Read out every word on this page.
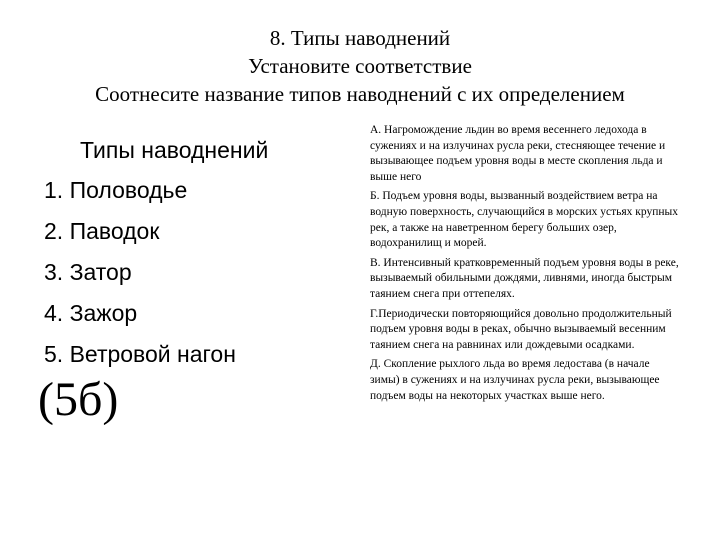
8. Типы наводнений
Установите соответствие
Соотнесите название типов наводнений с их определением
Типы наводнений
1. Половодье
2. Паводок
3. Затор
4. Зажор
5. Ветровой нагон
(5б)

А. Нагромождение льдин во время весеннего ледохода в сужениях и на излучинах русла реки, стесняющее течение и вызывающее подъем уровня воды в месте скопления льда и выше него

Б. Подъем уровня воды, вызванный воздействием ветра на водную поверхность, случающийся в морских устьях крупных рек, а также на наветренном берегу больших озер, водохранилищ и морей.

В. Интенсивный кратковременный подъем уровня воды в реке, вызываемый обильными дождями, ливнями, иногда быстрым таянием снега при оттепелях.

Г.Периодически повторяющийся довольно продолжительный подъем уровня воды в реках, обычно вызываемый весенним таянием снега на равнинах или дождевыми осадками.

Д. Скопление рыхлого льда во время ледостава (в начале зимы) в сужениях и на излучинах русла реки, вызывающее подъем воды на некоторых участках выше него.
